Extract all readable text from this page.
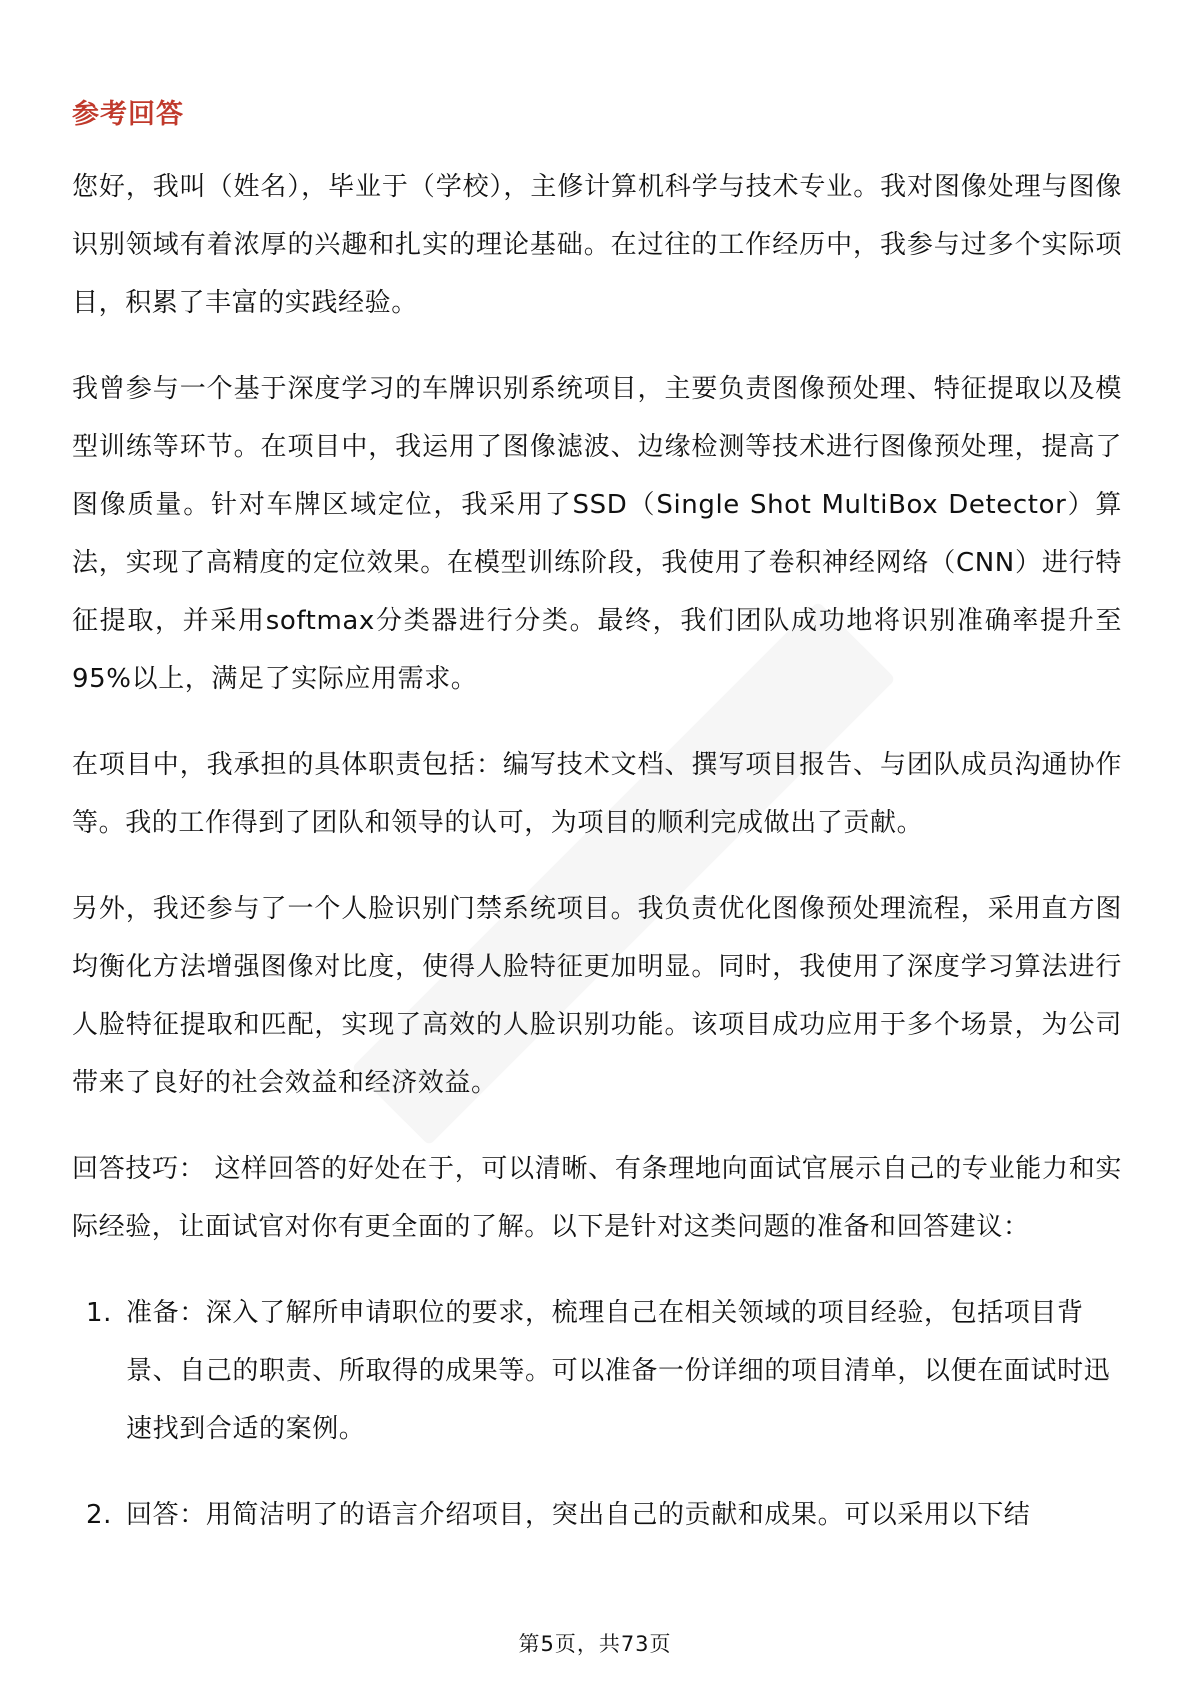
参考回答

您好，我叫（姓名），毕业于（学校），主修计算机科学与技术专业。我对图像处理与图像识别领域有着浓厚的兴趣和扎实的理论基础。在过往的工作经历中，我参与过多个实际项目，积累了丰富的实践经验。

我曾参与一个基于深度学习的车牌识别系统项目，主要负责图像预处理、特征提取以及模型训练等环节。在项目中，我运用了图像滤波、边缘检测等技术进行图像预处理，提高了图像质量。针对车牌区域定位，我采用了SSD（Single Shot MultiBox Detector）算法，实现了高精度的定位效果。在模型训练阶段，我使用了卷积神经网络（CNN）进行特征提取，并采用softmax分类器进行分类。最终，我们团队成功地将识别准确率提升至95%以上，满足了实际应用需求。

在项目中，我承担的具体职责包括：编写技术文档、撰写项目报告、与团队成员沟通协作等。我的工作得到了团队和领导的认可，为项目的顺利完成做出了贡献。

另外，我还参与了一个人脸识别门禁系统项目。我负责优化图像预处理流程，采用直方图均衡化方法增强图像对比度，使得人脸特征更加明显。同时，我使用了深度学习算法进行人脸特征提取和匹配，实现了高效的人脸识别功能。该项目成功应用于多个场景，为公司带来了良好的社会效益和经济效益。

回答技巧： 这样回答的好处在于，可以清晰、有条理地向面试官展示自己的专业能力和实际经验，让面试官对你有更全面的了解。以下是针对这类问题的准备和回答建议：

1. 准备：深入了解所申请职位的要求，梳理自己在相关领域的项目经验，包括项目背景、自己的职责、所取得的成果等。可以准备一份详细的项目清单，以便在面试时迅速找到合适的案例。
2. 回答：用简洁明了的语言介绍项目，突出自己的贡献和成果。可以采用以下结
第5页，共73页
